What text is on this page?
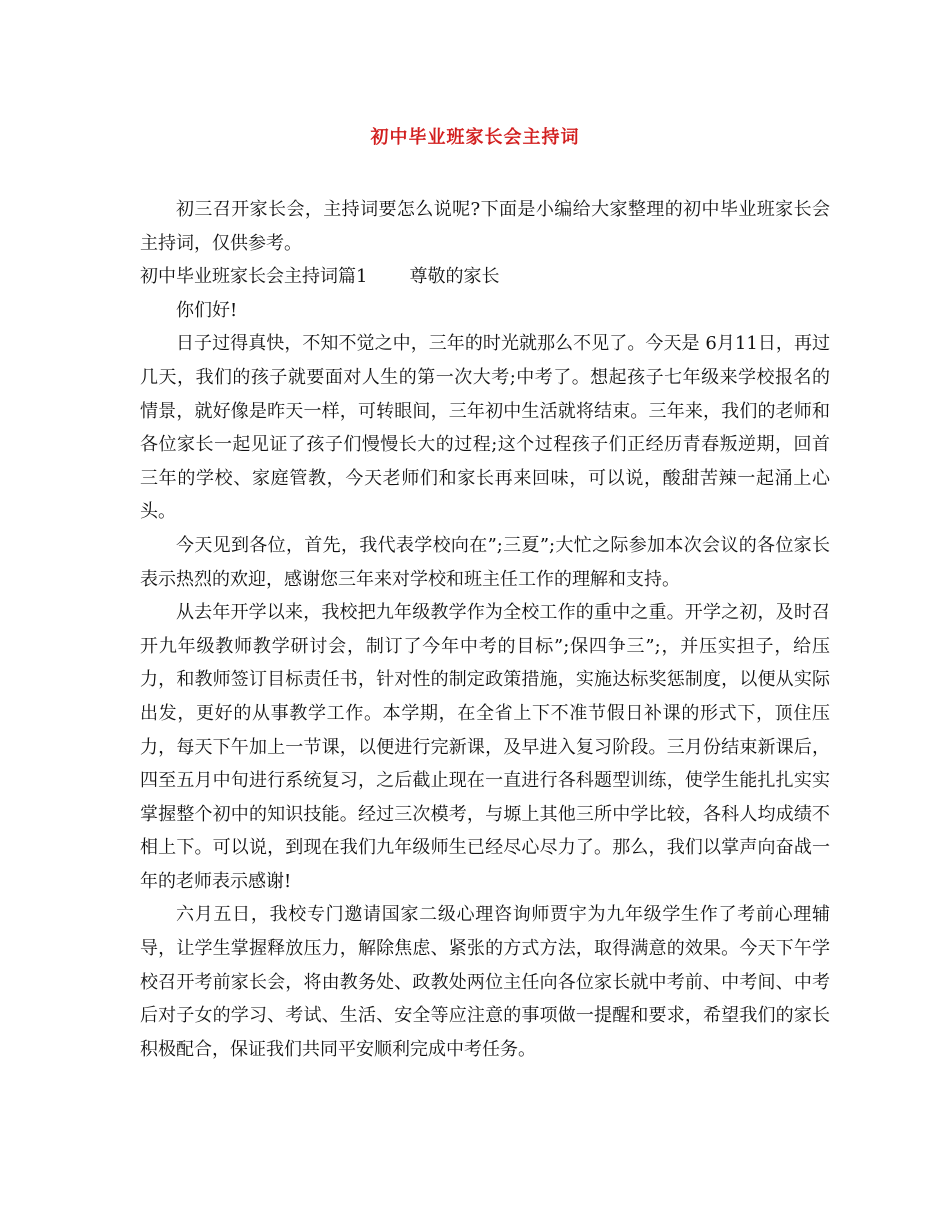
初中毕业班家长会主持词

初三召开家长会，主持词要怎么说呢?下面是小编给大家整理的初中毕业班家长会主持词，仅供参考。

初中毕业班家长会主持词篇1 尊敬的家长

你们好!

日子过得真快，不知不觉之中，三年的时光就那么不见了。今天是 6月11日，再过几天，我们的孩子就要面对人生的第一次大考;中考了。想起孩子七年级来学校报名的情景，就好像是昨天一样，可转眼间，三年初中生活就将结束。三年来，我们的老师和各位家长一起见证了孩子们慢慢长大的过程;这个过程孩子们正经历青春叛逆期，回首三年的学校、家庭管教，今天老师们和家长再来回味，可以说，酸甜苦辣一起涌上心头。

今天见到各位，首先，我代表学校向在”;三夏”;大忙之际参加本次会议的各位家长表示热烈的欢迎，感谢您三年来对学校和班主任工作的理解和支持。

从去年开学以来，我校把九年级教学作为全校工作的重中之重。开学之初，及时召开九年级教师教学研讨会，制订了今年中考的目标”;保四争三”;，并压实担子，给压力，和教师签订目标责任书，针对性的制定政策措施，实施达标奖惩制度，以便从实际出发，更好的从事教学工作。本学期，在全省上下不准节假日补课的形式下，顶住压力，每天下午加上一节课，以便进行完新课，及早进入复习阶段。三月份结束新课后，四至五月中旬进行系统复习，之后截止现在一直进行各科题型训练，使学生能扎扎实实掌握整个初中的知识技能。经过三次模考，与塬上其他三所中学比较，各科人均成绩不相上下。可以说，到现在我们九年级师生已经尽心尽力了。那么，我们以掌声向奋战一年的老师表示感谢!

六月五日，我校专门邀请国家二级心理咨询师贾宇为九年级学生作了考前心理辅导，让学生掌握释放压力，解除焦虑、紧张的方式方法，取得满意的效果。今天下午学校召开考前家长会，将由教务处、政教处两位主任向各位家长就中考前、中考间、中考后对子女的学习、考试、生活、安全等应注意的事项做一提醒和要求，希望我们的家长积极配合，保证我们共同平安顺利完成中考任务。
